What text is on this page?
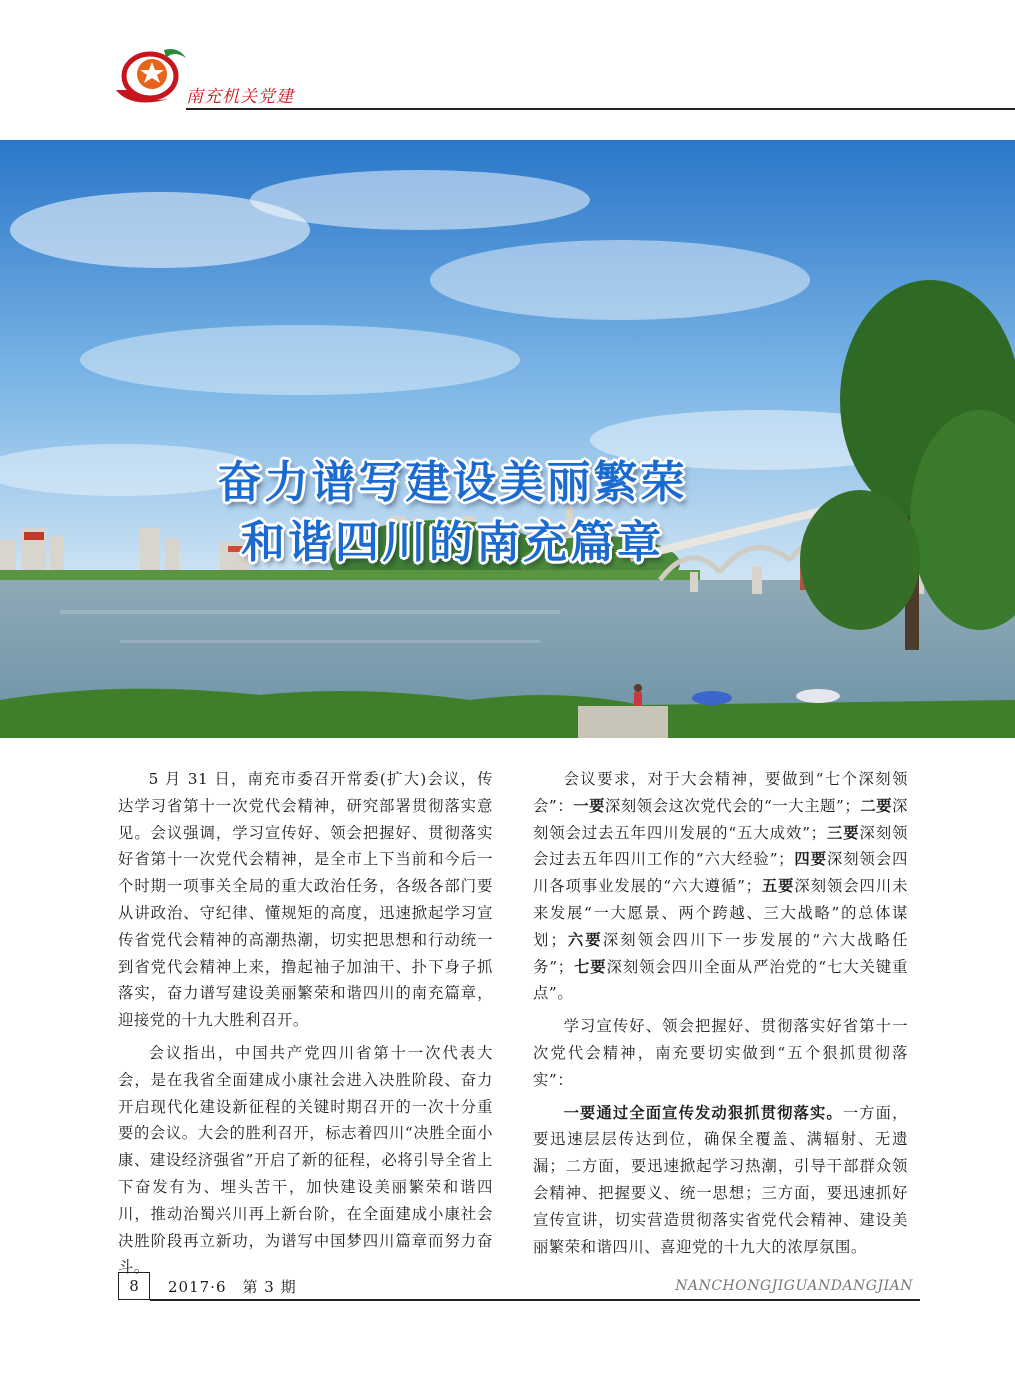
南充机关党建
奋力谱写建设美丽繁荣
和谐四川的南充篇章

5 月 31 日，南充市委召开常委(扩大)会议，传达学习省第十一次党代会精神，研究部署贯彻落实意见。会议强调，学习宣传好、领会把握好、贯彻落实好省第十一次党代会精神，是全市上下当前和今后一个时期一项事关全局的重大政治任务，各级各部门要从讲政治、守纪律、懂规矩的高度，迅速掀起学习宣传省党代会精神的高潮热潮，切实把思想和行动统一到省党代会精神上来，撸起袖子加油干、扑下身子抓落实，奋力谱写建设美丽繁荣和谐四川的南充篇章，迎接党的十九大胜利召开。

会议指出，中国共产党四川省第十一次代表大会，是在我省全面建成小康社会进入决胜阶段、奋力开启现代化建设新征程的关键时期召开的一次十分重要的会议。大会的胜利召开，标志着四川“决胜全面小康、建设经济强省”开启了新的征程，必将引导全省上下奋发有为、埋头苦干，加快建设美丽繁荣和谐四川，推动治蜀兴川再上新台阶，在全面建成小康社会决胜阶段再立新功，为谱写中国梦四川篇章而努力奋斗。

会议要求，对于大会精神，要做到“七个深刻领会”：一要深刻领会这次党代会的“一大主题”；二要深刻领会过去五年四川发展的“五大成效”；三要深刻领会过去五年四川工作的“六大经验”；四要深刻领会四川各项事业发展的“六大遵循”；五要深刻领会四川未来发展“一大愿景、两个跨越、三大战略”的总体谋划；六要深刻领会四川下一步发展的“六大战略任务”；七要深刻领会四川全面从严治党的“七大关键重点”。

学习宣传好、领会把握好、贯彻落实好省第十一次党代会精神，南充要切实做到“五个狠抓贯彻落实”：

一要通过全面宣传发动狠抓贯彻落实。一方面，要迅速层层传达到位，确保全覆盖、满辐射、无遗漏；二方面，要迅速掀起学习热潮，引导干部群众领会精神、把握要义、统一思想；三方面，要迅速抓好宣传宣讲，切实营造贯彻落实省党代会精神、建设美丽繁荣和谐四川、喜迎党的十九大的浓厚氛围。

8	2017·6　第 3 期	NANCHONGJIGUANDANGJIAN
